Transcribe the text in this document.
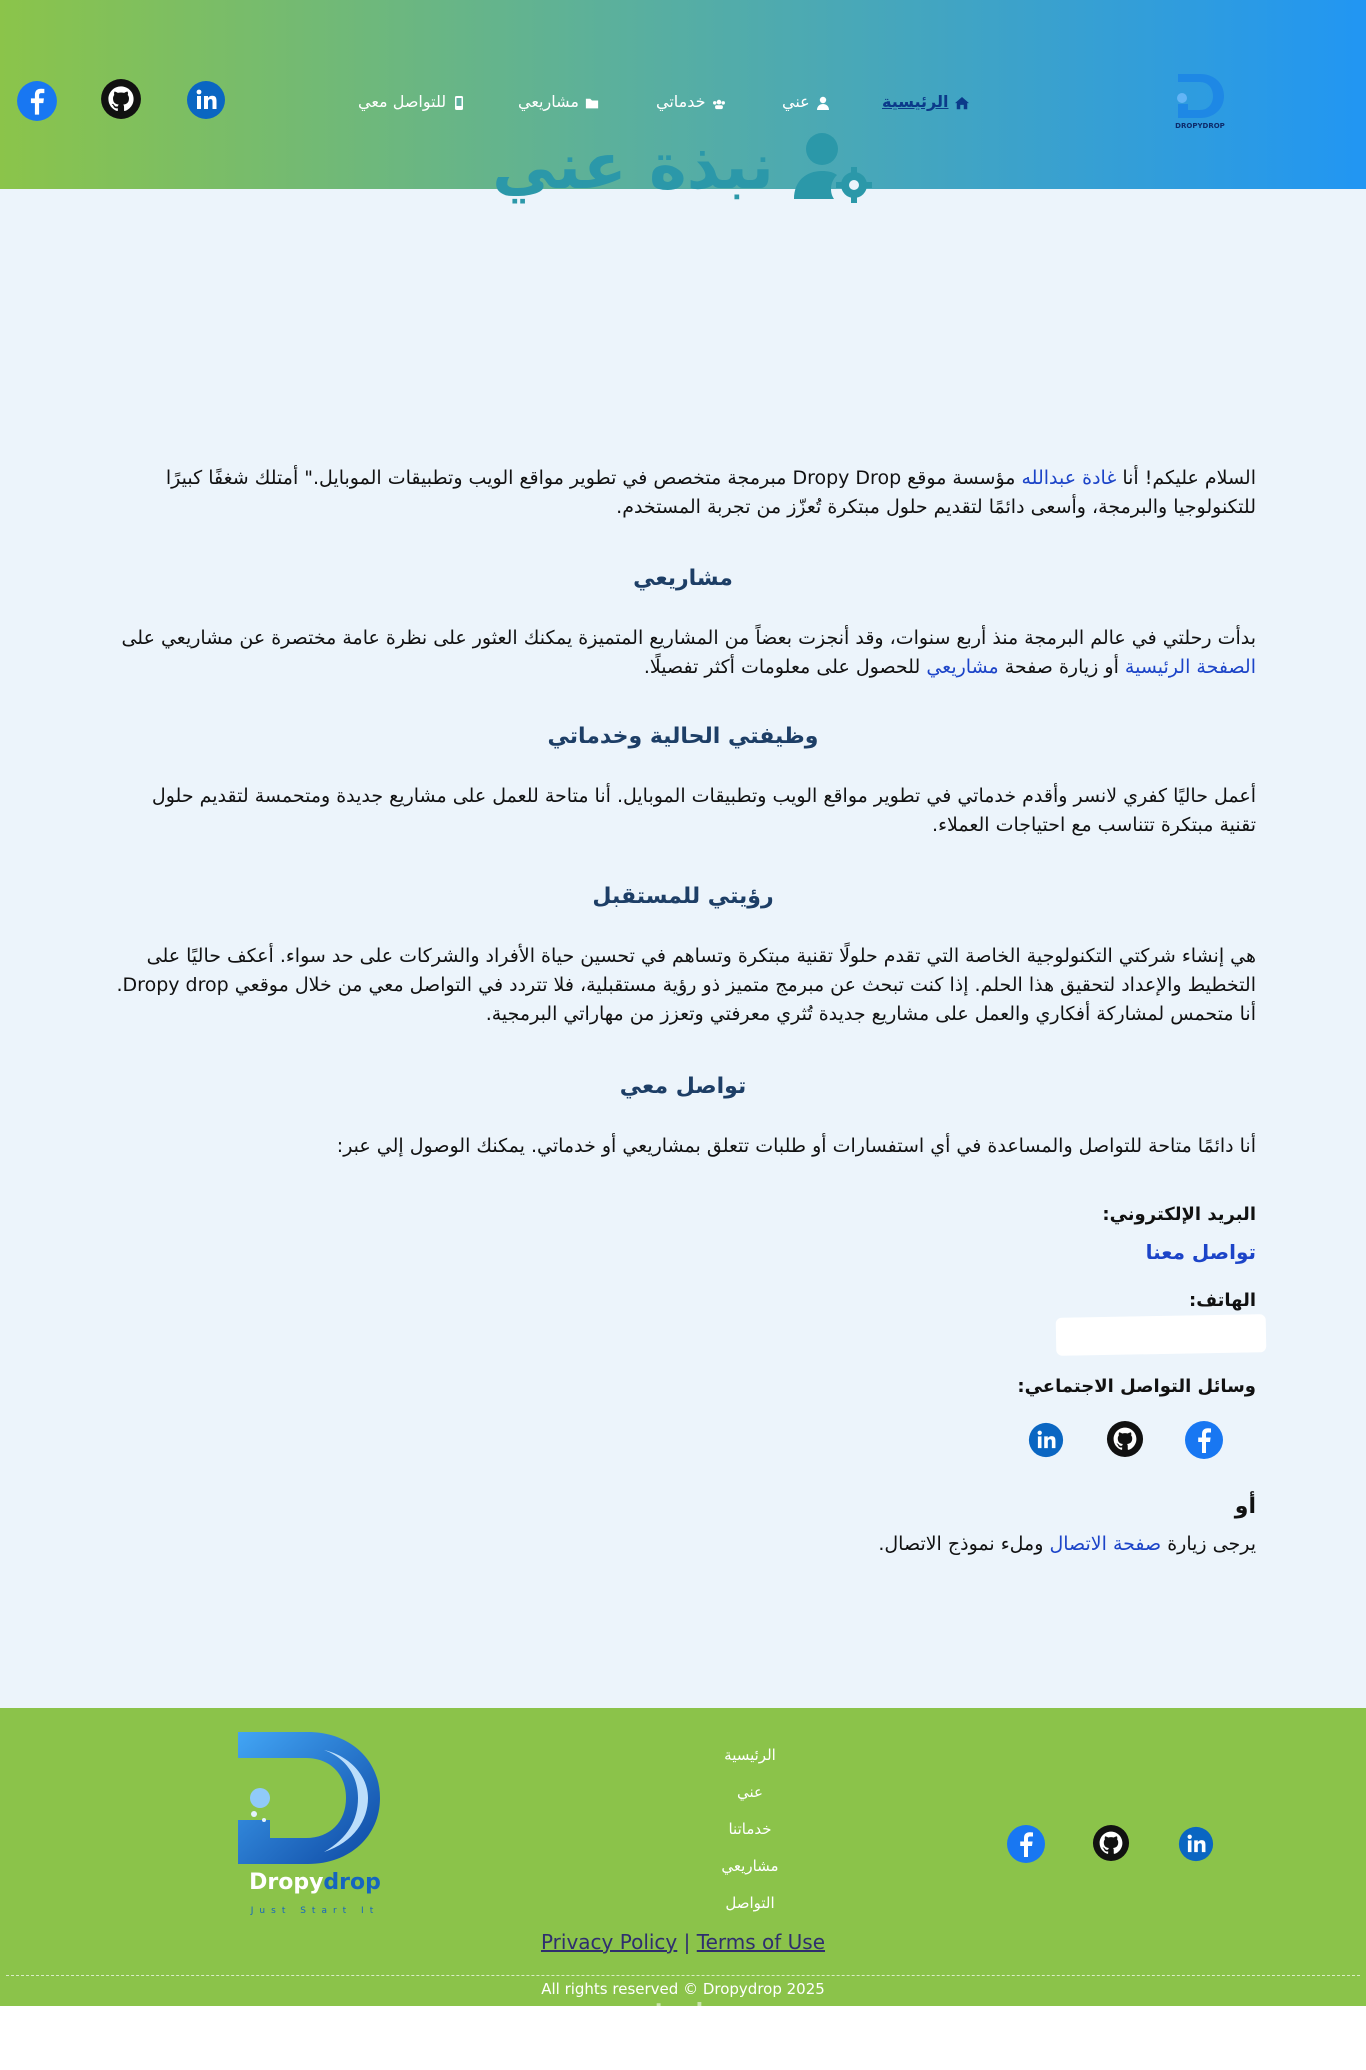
للتواصل معي	مشاريعي	خدماتي	عني	الرئيسية
DROPYDROP
نبذة عني
السلام عليكم! أنا غادة عبدالله مؤسسة موقع Dropy Drop مبرمجة متخصص في تطوير مواقع الويب وتطبيقات الموبايل." أمتلك شغفًا كبيرًا للتكنولوجيا والبرمجة، وأسعى دائمًا لتقديم حلول مبتكرة تُعزّز من تجربة المستخدم.
مشاريعي
بدأت رحلتي في عالم البرمجة منذ أربع سنوات، وقد أنجزت بعضاً من المشاريع المتميزة يمكنك العثور على نظرة عامة مختصرة عن مشاريعي على الصفحة الرئيسية أو زيارة صفحة مشاريعي للحصول على معلومات أكثر تفصيلًا.
وظيفتي الحالية وخدماتي
أعمل حاليًا كفري لانسر وأقدم خدماتي في تطوير مواقع الويب وتطبيقات الموبايل. أنا متاحة للعمل على مشاريع جديدة ومتحمسة لتقديم حلول تقنية مبتكرة تتناسب مع احتياجات العملاء.
رؤيتي للمستقبل
هي إنشاء شركتي التكنولوجية الخاصة التي تقدم حلولًا تقنية مبتكرة وتساهم في تحسين حياة الأفراد والشركات على حد سواء. أعكف حاليًا على التخطيط والإعداد لتحقيق هذا الحلم. إذا كنت تبحث عن مبرمج متميز ذو رؤية مستقبلية، فلا تتردد في التواصل معي من خلال موقعي Dropy drop. أنا متحمس لمشاركة أفكاري والعمل على مشاريع جديدة تُثري معرفتي وتعزز من مهاراتي البرمجية.
تواصل معي
أنا دائمًا متاحة للتواصل والمساعدة في أي استفسارات أو طلبات تتعلق بمشاريعي أو خدماتي. يمكنك الوصول إلي عبر:
البريد الإلكتروني:
تواصل معنا
الهاتف:
وسائل التواصل الاجتماعي:
أو
يرجى زيارة صفحة الاتصال وملء نموذج الاتصال.
Dropydrop
Just Start It
الرئيسية
عني
خدماتنا
مشاريعي
التواصل
Privacy Policy | Terms of Use
All rights reserved © Dropydrop 2025
mostaql.com
